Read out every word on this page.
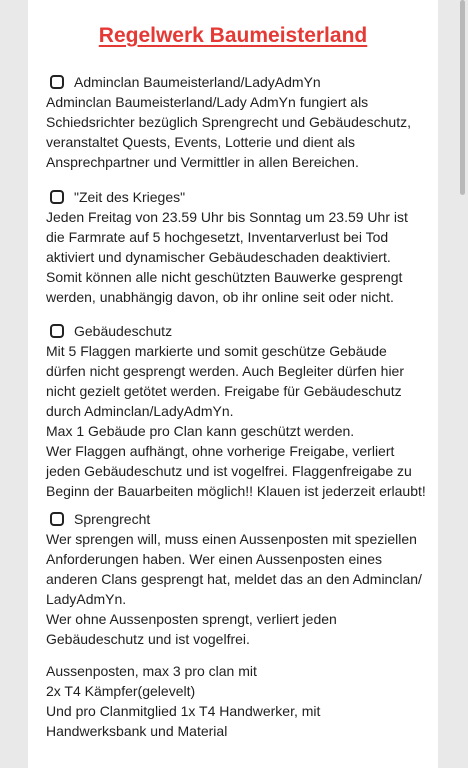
Regelwerk Baumeisterland
Adminclan Baumeisterland/LadyAdmYn
Adminclan Baumeisterland/Lady AdmYn fungiert als
Schiedsrichter bezüglich Sprengrecht und Gebäudeschutz,
veranstaltet Quests, Events, Lotterie und dient als
Ansprechpartner und Vermittler in allen Bereichen.
"Zeit des Krieges"
Jeden Freitag von 23.59 Uhr bis Sonntag um 23.59 Uhr ist
die Farmrate auf 5 hochgesetzt, Inventarverlust bei Tod
aktiviert und dynamischer Gebäudeschaden deaktiviert.
Somit können alle nicht geschützten Bauwerke gesprengt
werden, unabhängig davon, ob ihr online seit oder nicht.
Gebäudeschutz
Mit 5 Flaggen markierte und somit geschütze Gebäude
dürfen nicht gesprengt werden. Auch Begleiter dürfen hier
nicht gezielt getötet werden. Freigabe für Gebäudeschutz
durch Adminclan/LadyAdmYn.
Max 1 Gebäude pro Clan kann geschützt werden.
Wer Flaggen aufhängt, ohne vorherige Freigabe, verliert
jeden Gebäudeschutz und ist vogelfrei. Flaggenfreigabe zu
Beginn der Bauarbeiten möglich!! Klauen ist jederzeit erlaubt!
Sprengrecht
Wer sprengen will, muss einen Aussenposten mit speziellen
Anforderungen haben. Wer einen Aussenposten eines
anderen Clans gesprengt hat, meldet das an den Adminclan/
LadyAdmYn.
Wer ohne Aussenposten sprengt, verliert jeden
Gebäudeschutz und ist vogelfrei.
Aussenposten, max 3 pro clan mit
2x T4 Kämpfer(gelevelt)
Und pro Clanmitglied 1x T4 Handwerker, mit
Handwerksbank und Material
